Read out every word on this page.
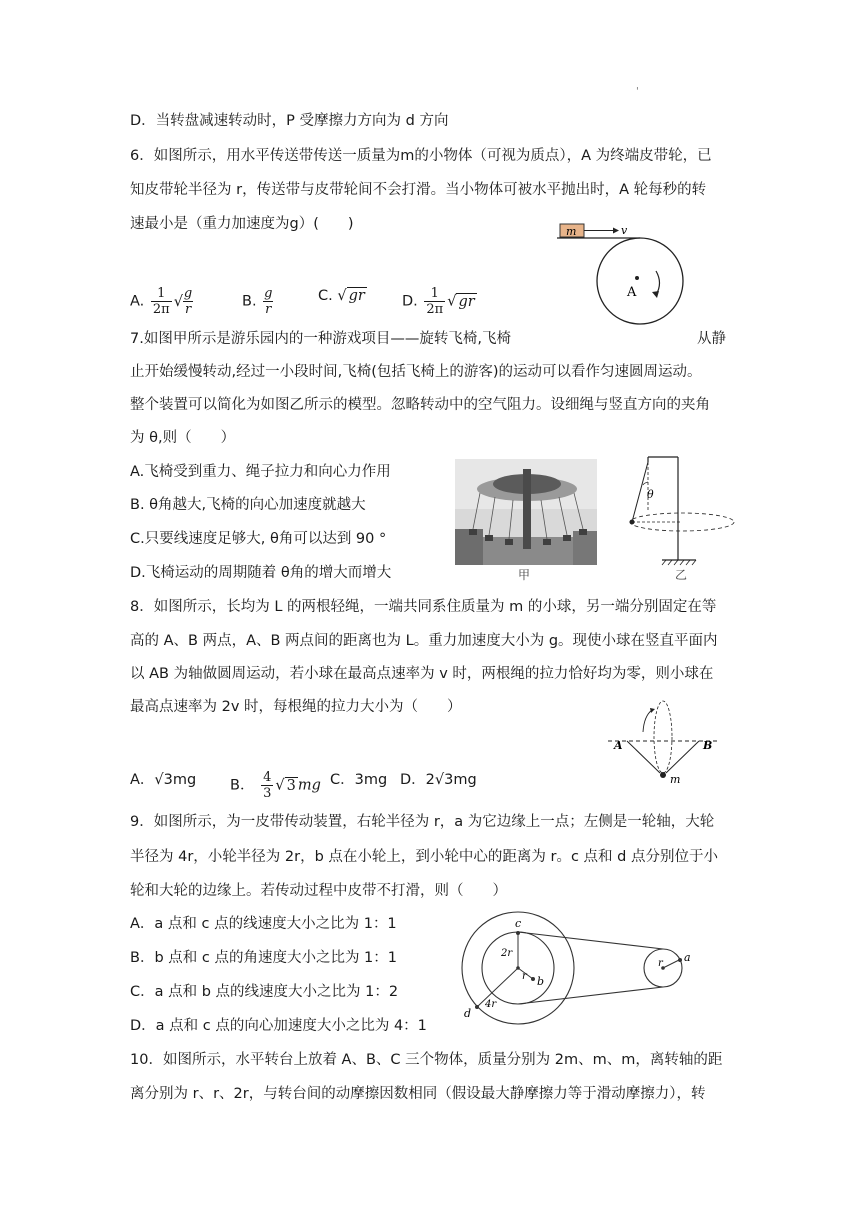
'
D．当转盘减速转动时，P 受摩擦力方向为 d 方向
6．如图所示，用水平传送带传送一质量为m的小物体（可视为质点），A 为终端皮带轮，已
知皮带轮半径为 r，传送带与皮带轮间不会打滑。当小物体可被水平抛出时，A 轮每秒的转
速最小是（重力加速度为g）(　　)	m	v
A
A. $\frac{1}{2\pi}$ √ $\frac{g}{r}$	B. $\frac{g}{r}$	C. √ gr	D. $\frac{1}{2\pi}$ √ gr
7.如图甲所示是游乐园内的一种游戏项目——旋转飞椅,飞椅	从静
止开始缓慢转动,经过一小段时间,飞椅(包括飞椅上的游客)的运动可以看作匀速圆周运动。
整个装置可以简化为如图乙所示的模型。忽略转动中的空气阻力。设细绳与竖直方向的夹角
为 θ,则（　　）
A.飞椅受到重力、绳子拉力和向心力作用
B. θ角越大,飞椅的向心加速度就越大
C.只要线速度足够大, θ角可以达到 90 °
D.飞椅运动的周期随着 θ角的增大而增大	甲
θ
乙
8．如图所示，长均为 L 的两根轻绳，一端共同系住质量为 m 的小球，另一端分别固定在等
高的 A、B 两点，A、B 两点间的距离也为 L。重力加速度大小为 g。现使小球在竖直平面内
以 AB 为轴做圆周运动，若小球在最高点速率为 v 时，两根绳的拉力恰好均为零，则小球在
最高点速率为 2v 时，每根绳的拉力大小为（　　）
A	B
m
A．√3mg B． $\frac{4}{3}$ √ 3 mg C．3mg D．2√3mg
9．如图所示，为一皮带传动装置，右轮半径为 r，a 为它边缘上一点；左侧是一轮轴，大轮
半径为 4r，小轮半径为 2r，b 点在小轮上，到小轮中心的距离为 r。c 点和 d 点分别位于小
轮和大轮的边缘上。若传动过程中皮带不打滑，则（　　）
A．a 点和 c 点的线速度大小之比为 1：1
B．b 点和 c 点的角速度大小之比为 1：1
C．a 点和 b 点的线速度大小之比为 1：2
D．a 点和 c 点的向心加速度大小之比为 4：1
c
2r
r b
d
4r
r a
10．如图所示，水平转台上放着 A、B、C 三个物体，质量分别为 2m、m、m，离转轴的距
离分别为 r、r、2r，与转台间的动摩擦因数相同（假设最大静摩擦力等于滑动摩擦力），转
